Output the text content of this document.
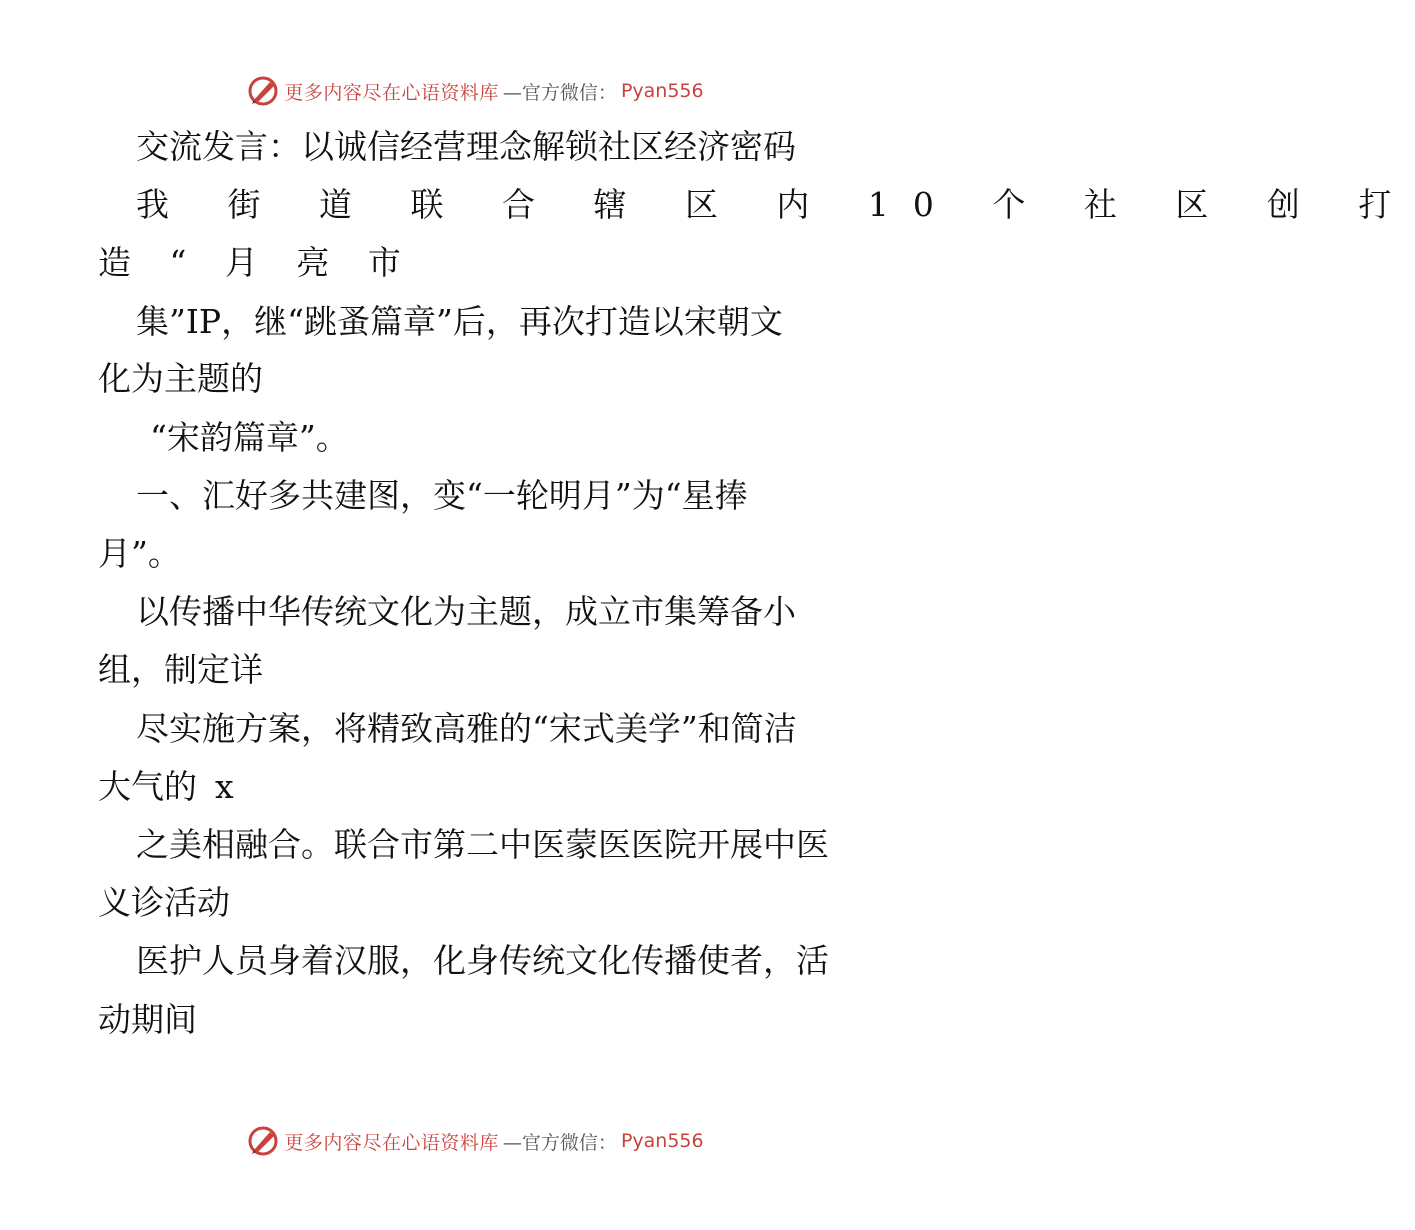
更多内容尽在心语资料库 —官方微信： Pyan556
交流发言：以诚信经营理念解锁社区经济密码
我 街 道 联 合 辖 区 内 10 个 社 区 创 打
造 “ 月 亮 市
集”IP，继“跳蚤篇章”后，再次打造以宋朝文
化为主题的
“宋韵篇章”。
一、汇好多共建图，变“一轮明月”为“星捧
月”。
以传播中华传统文化为主题，成立市集筹备小
组，制定详
尽实施方案，将精致高雅的“宋式美学”和简洁
大气的 x
之美相融合。联合市第二中医蒙医医院开展中医
义诊活动
医护人员身着汉服，化身传统文化传播使者，活
动期间
更多内容尽在心语资料库 —官方微信： Pyan556
